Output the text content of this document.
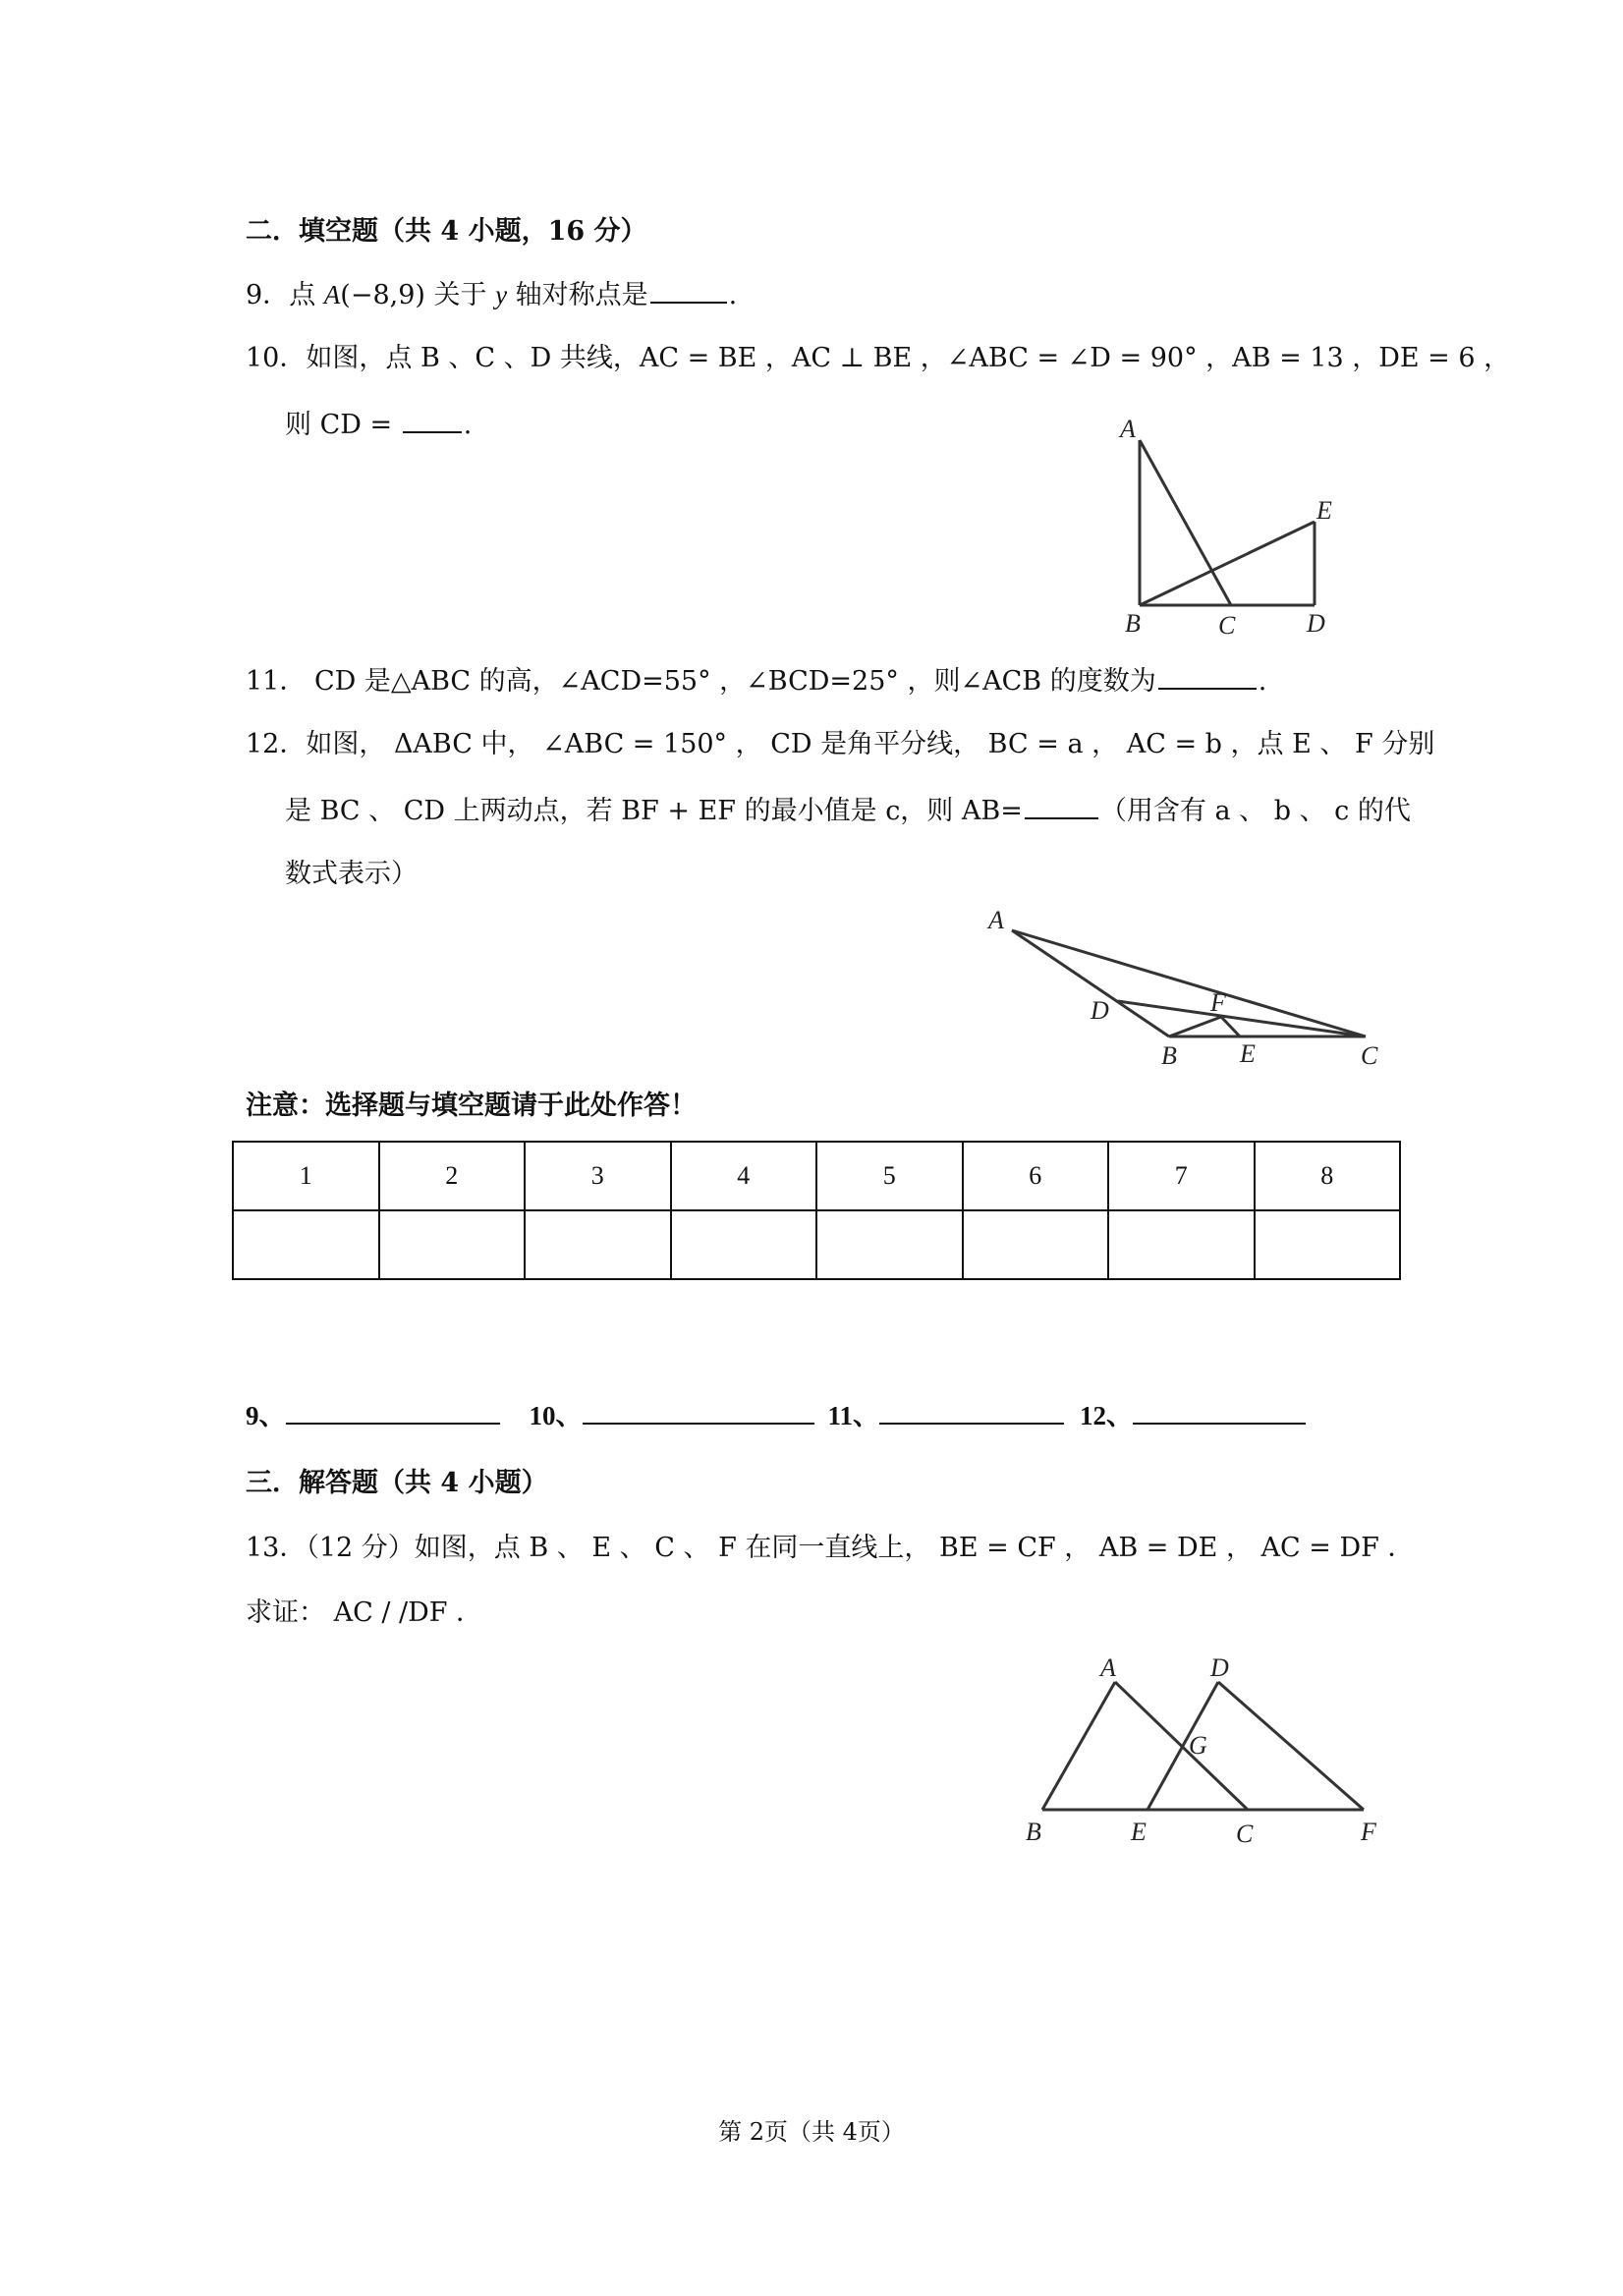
二．填空题（共 4 小题，16 分）
9．点 A(−8,9) 关于 y 轴对称点是	.
10．如图，点 B 、C 、D 共线，AC = BE ，AC ⊥ BE ，∠ABC = ∠D = 90° ，AB = 13 ，DE = 6 ，
则 CD = .	A
B	C	D
E
11． CD 是△ABC 的高，∠ACD=55° ，∠BCD=25° ，则∠ACB 的度数为	.
12．如图， ΔABC 中， ∠ABC = 150° ， CD 是角平分线， BC = a ， AC = b ，点 E 、 F 分别
是 BC 、 CD 上两动点，若 BF + EF 的最小值是 c，则 AB=	（用含有 a 、 b 、 c 的代
数式表示）
A
D	F
B E	C
注意：选择题与填空题请于此处作答！
1	2	3	4	5	6	7	8

9、	10、	11、	12、
三．解答题（共 4 小题）
13．（12 分）如图，点 B 、 E 、 C 、 F 在同一直线上， BE = CF ， AB = DE ， AC = DF ．
求证： AC / /DF ．
A	D
G
B	E	C	F
第 2页（共 4页）
